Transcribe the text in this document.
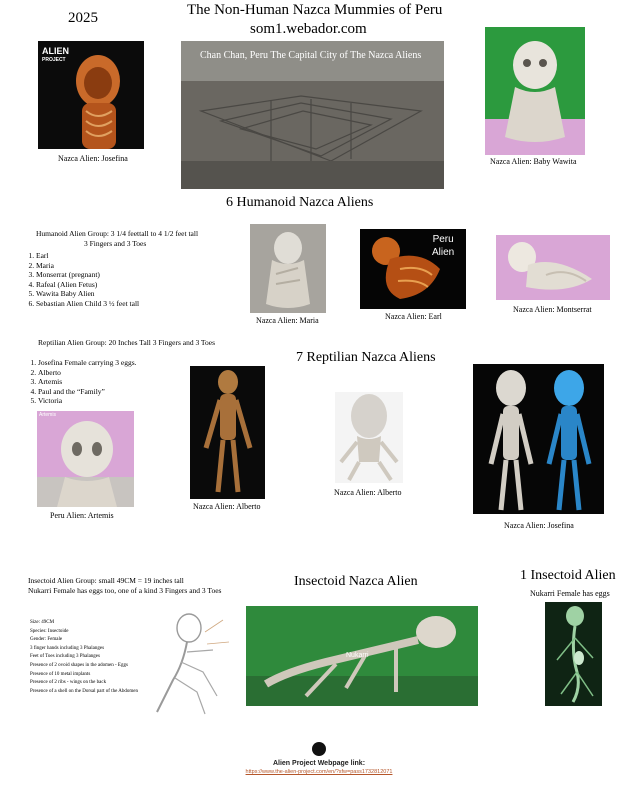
2025	The Non-Human Nazca Mummies of Peru
som1.webador.com
ALIEN
PROJECT
Nazca Alien: Josefina
Chan Chan, Peru The Capital City of The Nazca Aliens
Nazca Alien: Baby Wawita
6 Humanoid Nazca Aliens
Humanoid Alien Group: 3 1/4 feettall to 4 1/2 feet tall
3 Fingers and 3 Toes
1. Earl
2. Maria
3. Monserrat (pregnant)
4. Rafeal (Alien Fetus)
5. Wawita Baby Alien
6. Sebastian Alien Child 3 ½ feet tall
Nazca Alien: Maria
Peru
Alien
Nazca Alien: Earl
Nazca Alien: Montserrat
Reptilian Alien Group: 20 Inches Tall 3 Fingers and 3 Toes
1. Josefina Female carrying 3 eggs.
2. Alberto
3. Artemis
4. Paul and the “Family”
5. Victoria
7 Reptilian Nazca Aliens
Artemis
Peru Alien: Artemis
Nazca Alien: Alberto
Nazca Alien: Alberto
Nazca Alien: Josefina
Insectoid Alien Group: small 49CM = 19 inches tall
Nukarri Female has eggs too, one of a kind 3 Fingers and 3 Toes
Insectoid Nazca Alien	1 Insectoid Alien
Nukarri Female has eggs
Size: 49CM
Species: Insectoide
Gender: Female
3 finger hands including 3 Phalanges
Feet of Toes including 3 Phalanges
Presence of 2 ovoid shapes in the adomen - Eggs
Presence of 10 metal implants
Presence of 2 ribs - wings on the back
Presence of a shell on the Dorsal part of the Abdomen
Nukarri
Alien Project Webpage link:
https://www.the-alien-project.com/en/?sfw=pass1732812071
